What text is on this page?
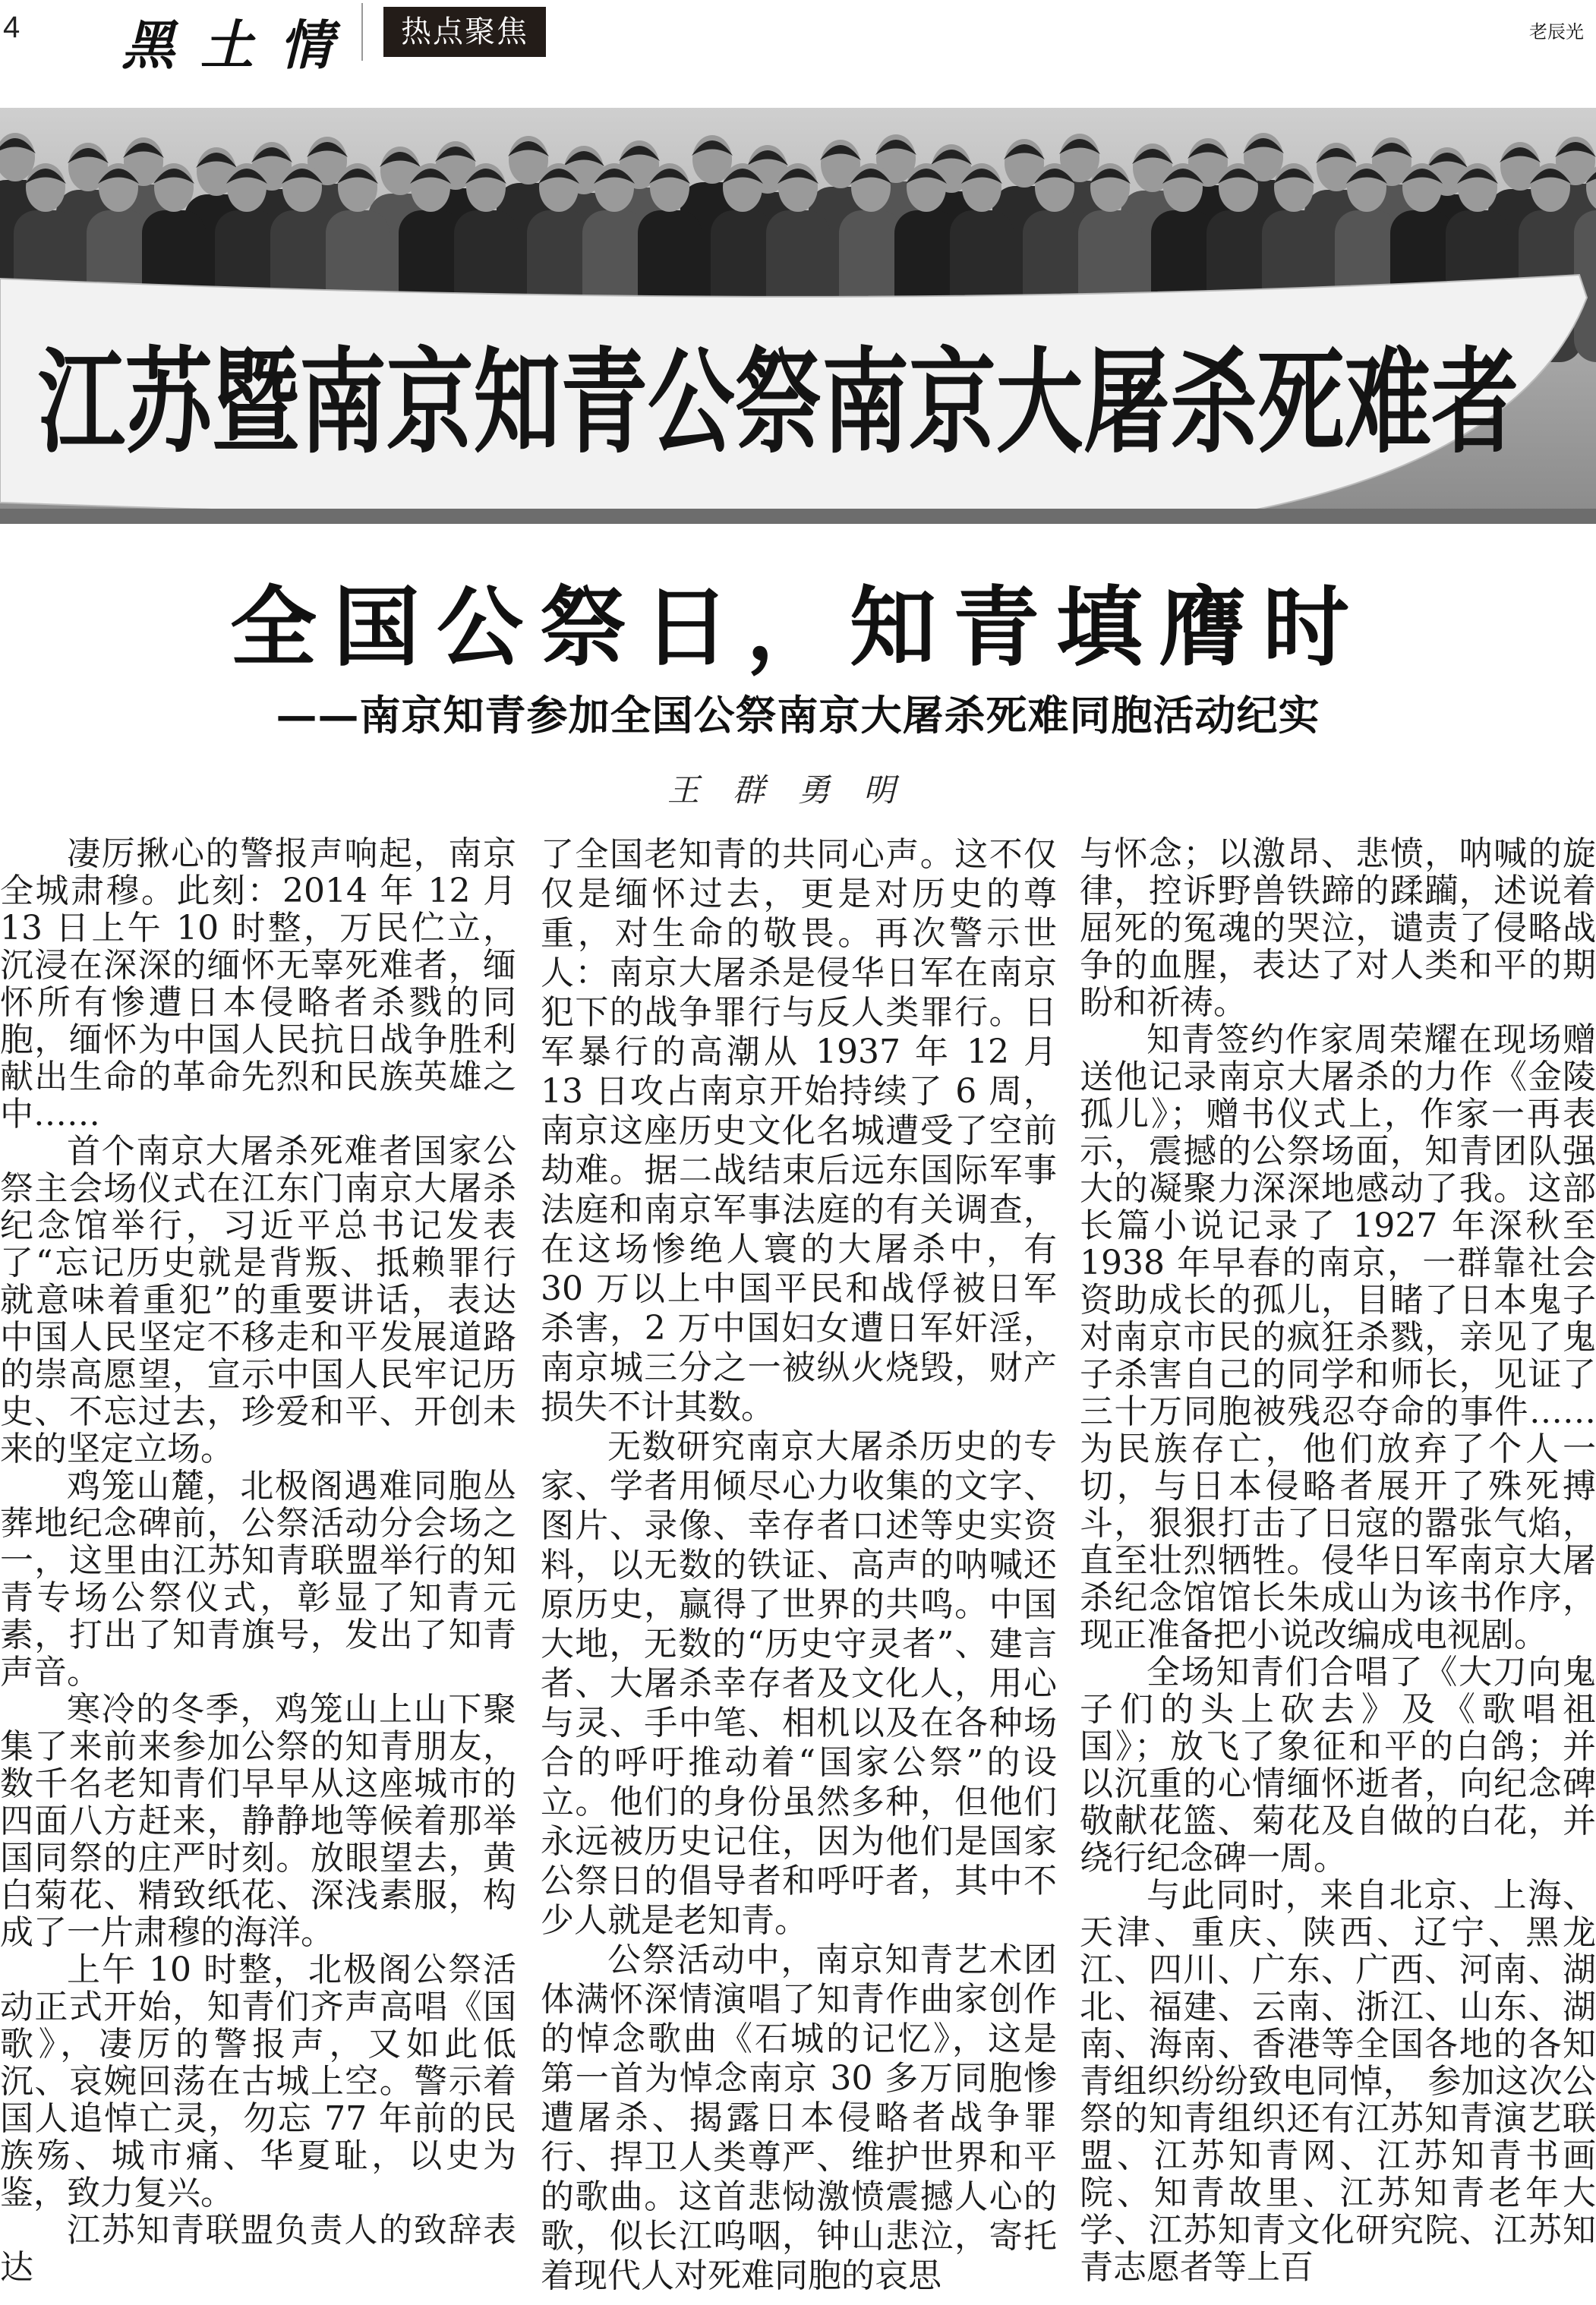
4 黑土情	热点聚焦	老辰光
江苏暨南京知青公祭南京大屠杀死难者
全国公祭日，知青填膺时
——南京知青参加全国公祭南京大屠杀死难同胞活动纪实
王群勇明

凄厉揪心的警报声响起，南京全城肃穆。此刻：2014 年 12 月 13 日上午 10 时整，万民伫立，沉浸在深深的缅怀无辜死难者，缅怀所有惨遭日本侵略者杀戮的同胞，缅怀为中国人民抗日战争胜利献出生命的革命先烈和民族英雄之中……

首个南京大屠杀死难者国家公祭主会场仪式在江东门南京大屠杀纪念馆举行，习近平总书记发表了“忘记历史就是背叛、抵赖罪行就意味着重犯”的重要讲话，表达中国人民坚定不移走和平发展道路的崇高愿望，宣示中国人民牢记历史、不忘过去，珍爱和平、开创未来的坚定立场。

鸡笼山麓，北极阁遇难同胞丛葬地纪念碑前，公祭活动分会场之一，这里由江苏知青联盟举行的知青专场公祭仪式，彰显了知青元素，打出了知青旗号，发出了知青声音。

寒冷的冬季，鸡笼山上山下聚集了来前来参加公祭的知青朋友，数千名老知青们早早从这座城市的四面八方赶来，静静地等候着那举国同祭的庄严时刻。放眼望去，黄白菊花、精致纸花、深浅素服，构成了一片肃穆的海洋。

上午 10 时整，北极阁公祭活动正式开始，知青们齐声高唱《国歌》，凄厉的警报声，又如此低沉、哀婉回荡在古城上空。警示着国人追悼亡灵，勿忘 77 年前的民族殇、城市痛、华夏耻，以史为鉴，致力复兴。

江苏知青联盟负责人的致辞表达

了全国老知青的共同心声。这不仅仅是缅怀过去，更是对历史的尊重，对生命的敬畏。再次警示世人：南京大屠杀是侵华日军在南京犯下的战争罪行与反人类罪行。日军暴行的高潮从 1937 年 12 月 13 日攻占南京开始持续了 6 周，南京这座历史文化名城遭受了空前劫难。据二战结束后远东国际军事法庭和南京军事法庭的有关调查，在这场惨绝人寰的大屠杀中，有 30 万以上中国平民和战俘被日军杀害，2 万中国妇女遭日军奸淫，南京城三分之一被纵火烧毁，财产损失不计其数。

无数研究南京大屠杀历史的专家、学者用倾尽心力收集的文字、图片、录像、幸存者口述等史实资料，以无数的铁证、高声的呐喊还原历史，赢得了世界的共鸣。中国大地，无数的“历史守灵者”、建言者、大屠杀幸存者及文化人，用心与灵、手中笔、相机以及在各种场合的呼吁推动着“国家公祭”的设立。他们的身份虽然多种，但他们永远被历史记住，因为他们是国家公祭日的倡导者和呼吁者，其中不少人就是老知青。

公祭活动中，南京知青艺术团体满怀深情演唱了知青作曲家创作的悼念歌曲《石城的记忆》，这是第一首为悼念南京 30 多万同胞惨遭屠杀、揭露日本侵略者战争罪行、捍卫人类尊严、维护世界和平的歌曲。这首悲恸激愤震撼人心的歌，似长江呜咽，钟山悲泣，寄托着现代人对死难同胞的哀思

与怀念；以激昂、悲愤，呐喊的旋律，控诉野兽铁蹄的蹂躏，述说着屈死的冤魂的哭泣，谴责了侵略战争的血腥，表达了对人类和平的期盼和祈祷。

知青签约作家周荣耀在现场赠送他记录南京大屠杀的力作《金陵孤儿》；赠书仪式上，作家一再表示，震撼的公祭场面，知青团队强大的凝聚力深深地感动了我。这部长篇小说记录了 1927 年深秋至 1938 年早春的南京，一群靠社会资助成长的孤儿，目睹了日本鬼子对南京市民的疯狂杀戮，亲见了鬼子杀害自己的同学和师长，见证了三十万同胞被残忍夺命的事件……为民族存亡，他们放弃了个人一切，与日本侵略者展开了殊死搏斗，狠狠打击了日寇的嚣张气焰，直至壮烈牺牲。侵华日军南京大屠杀纪念馆馆长朱成山为该书作序，现正准备把小说改编成电视剧。

全场知青们合唱了《大刀向鬼子们的头上砍去》及《歌唱祖国》；放飞了象征和平的白鸽；并以沉重的心情缅怀逝者，向纪念碑敬献花篮、菊花及自做的白花，并绕行纪念碑一周。

与此同时，来自北京、上海、天津、重庆、陕西、辽宁、黑龙江、四川、广东、广西、河南、湖北、福建、云南、浙江、山东、湖南、海南、香港等全国各地的各知青组织纷纷致电同悼， 参加这次公祭的知青组织还有江苏知青演艺联盟、江苏知青网、江苏知青书画院、知青故里、江苏知青老年大学、江苏知青文化研究院、江苏知青志愿者等上百
